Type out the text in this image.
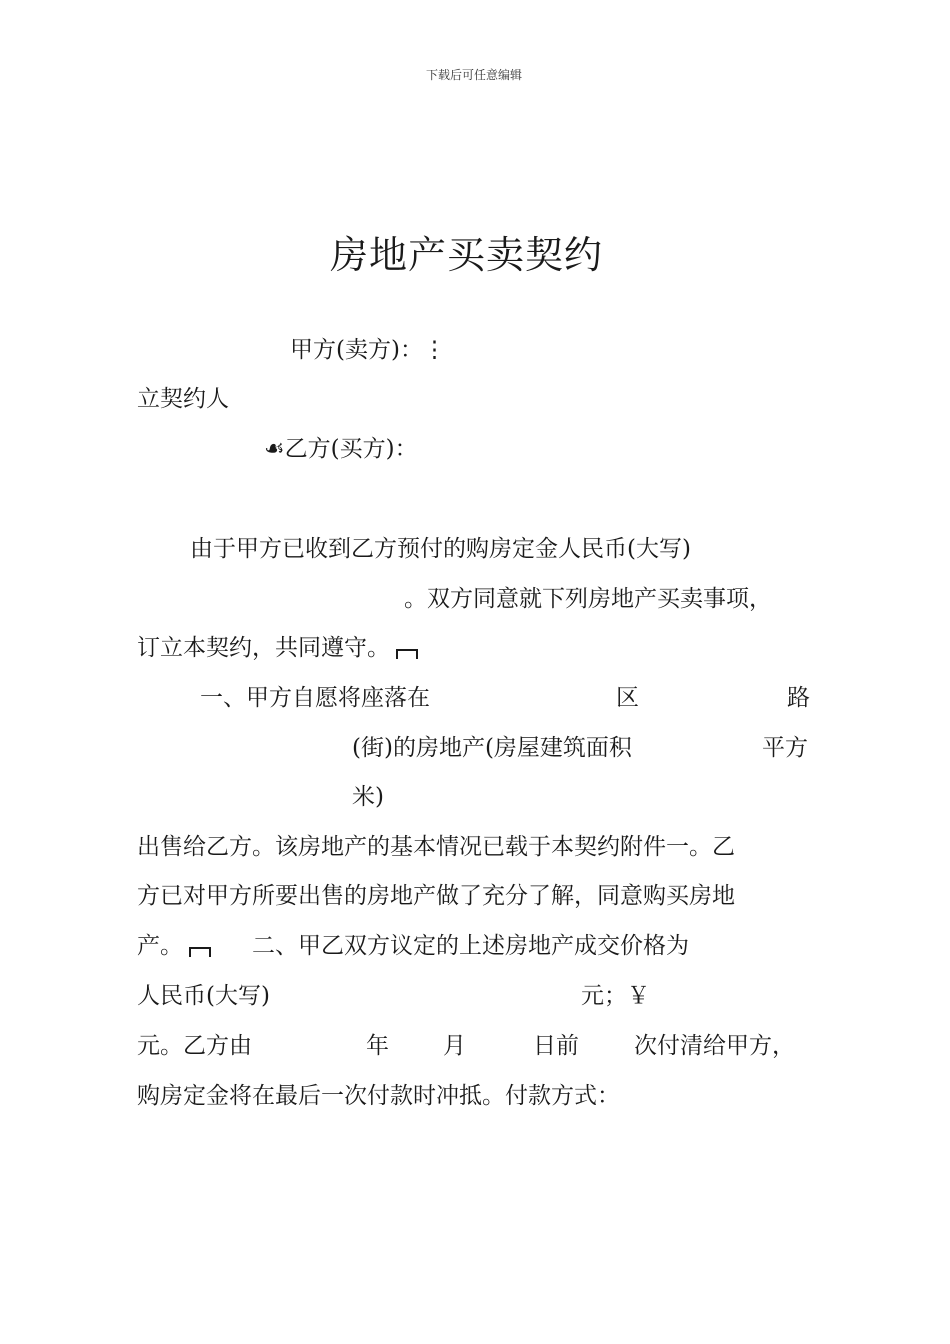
下载后可任意编辑
房地产买卖契约
甲方(卖方)：⋮
立契约人
☙乙方(买方)：
由于甲方已收到乙方预付的购房定金人民币(大写)
。双方同意就下列房地产买卖事项，
订立本契约，共同遵守。
一、甲方自愿将座落在	区	路
(街)的房地产(房屋建筑面积	平方
米)
出售给乙方。该房地产的基本情况已载于本契约附件一。乙
方已对甲方所要出售的房地产做了充分了解，同意购买房地
产。	二、甲乙双方议定的上述房地产成交价格为
人民币(大写)	元；￥
元。乙方由	年 月	日前 次付清给甲方，
购房定金将在最后一次付款时冲抵。付款方式：
